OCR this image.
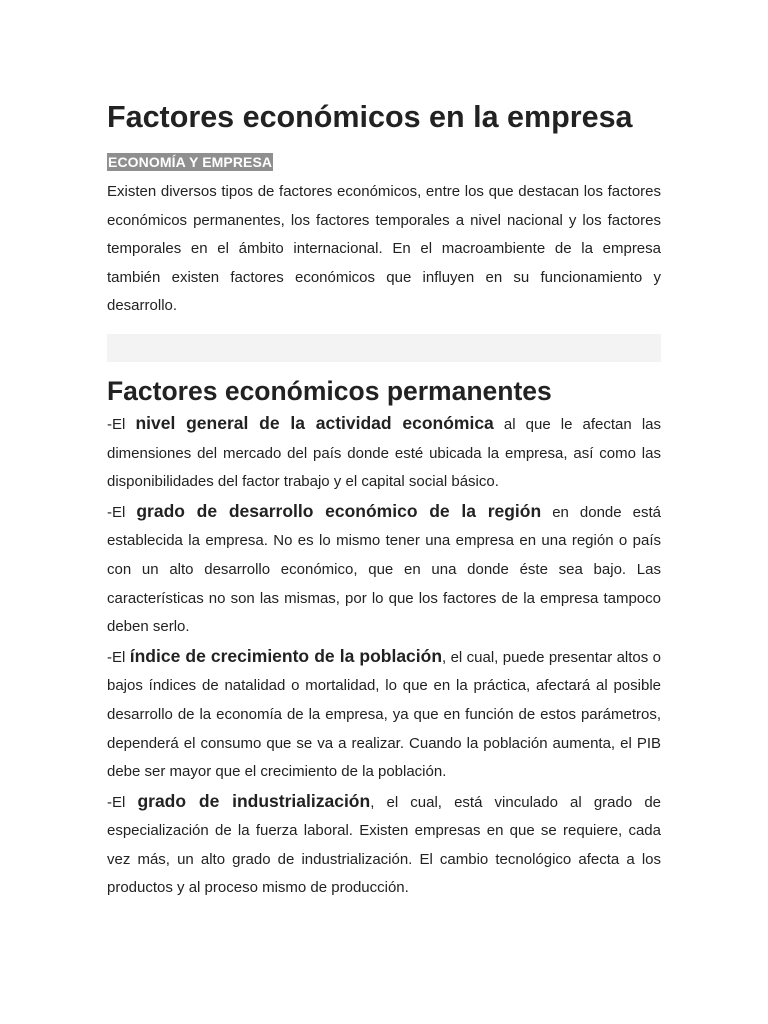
Factores económicos en la empresa
ECONOMÍA Y EMPRESA

Existen diversos tipos de factores económicos, entre los que destacan los factores económicos permanentes, los factores temporales a nivel nacional y los factores temporales en el ámbito internacional. En el macroambiente de la empresa también existen factores económicos que influyen en su funcionamiento y desarrollo.

Factores económicos permanentes

-El nivel general de la actividad económica al que le afectan las dimensiones del mercado del país donde esté ubicada la empresa, así como las disponibilidades del factor trabajo y el capital social básico.

-El grado de desarrollo económico de la región en donde está establecida la empresa. No es lo mismo tener una empresa en una región o país con un alto desarrollo económico, que en una donde éste sea bajo. Las características no son las mismas, por lo que los factores de la empresa tampoco deben serlo.

-El índice de crecimiento de la población, el cual, puede presentar altos o bajos índices de natalidad o mortalidad, lo que en la práctica, afectará al posible desarrollo de la economía de la empresa, ya que en función de estos parámetros, dependerá el consumo que se va a realizar. Cuando la población aumenta, el PIB debe ser mayor que el crecimiento de la población.

-El grado de industrialización, el cual, está vinculado al grado de especialización de la fuerza laboral. Existen empresas en que se requiere, cada vez más, un alto grado de industrialización. El cambio tecnológico afecta a los productos y al proceso mismo de producción.
